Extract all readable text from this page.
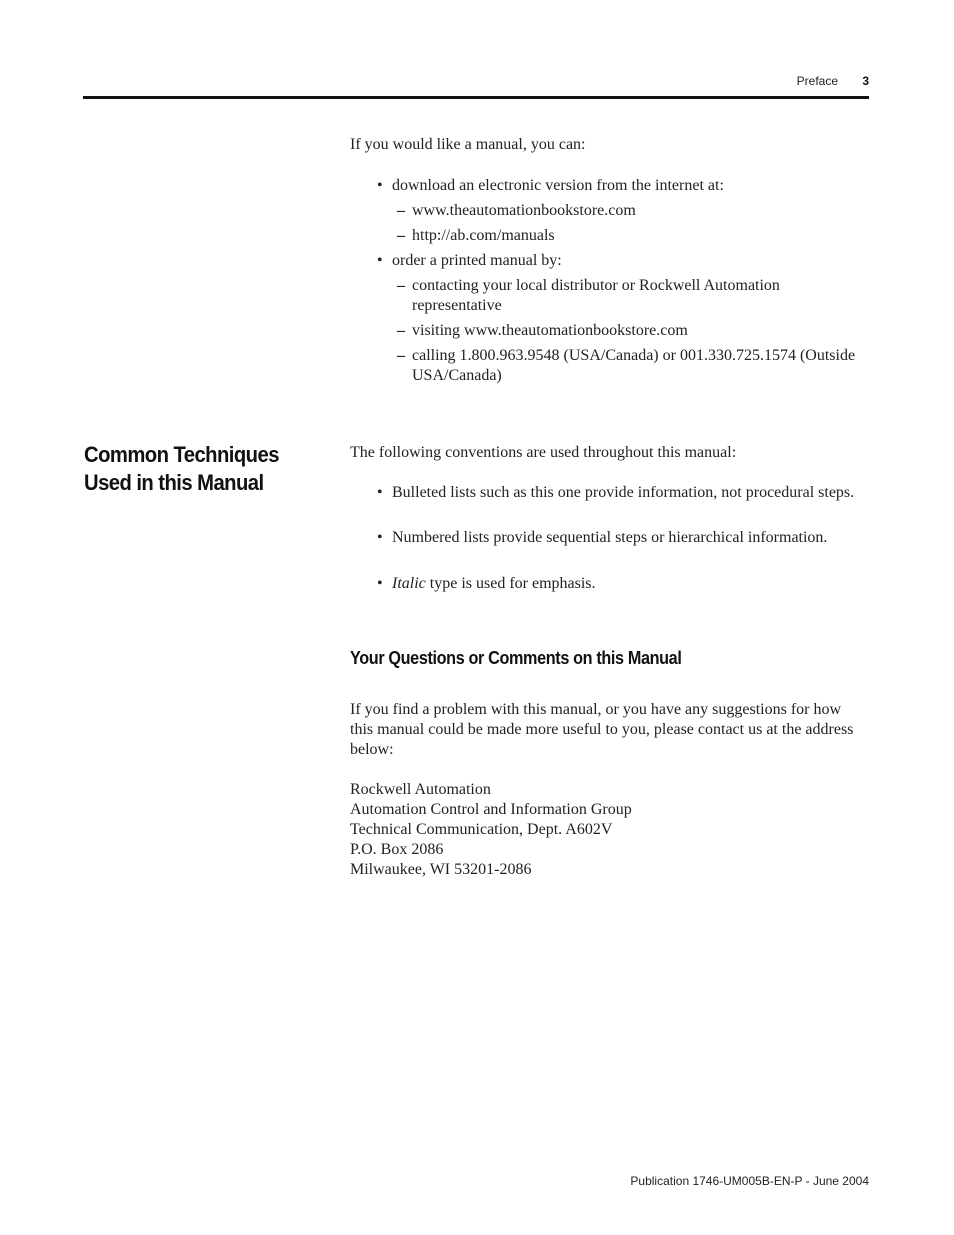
Preface 3

If you would like a manual, you can:

• download an electronic version from the internet at:
– www.theautomationbookstore.com
– http://ab.com/manuals
• order a printed manual by:
– contacting your local distributor or Rockwell Automation representative
– visiting www.theautomationbookstore.com
– calling 1.800.963.9548 (USA/Canada) or 001.330.725.1574 (Outside USA/Canada)
Common Techniques Used in this Manual

The following conventions are used throughout this manual:

• Bulleted lists such as this one provide information, not procedural steps.
• Numbered lists provide sequential steps or hierarchical information.
• Italic type is used for emphasis.
Your Questions or Comments on this Manual

If you find a problem with this manual, or you have any suggestions for how this manual could be made more useful to you, please contact us at the address below:

Rockwell Automation
Automation Control and Information Group
Technical Communication, Dept. A602V
P.O. Box 2086
Milwaukee, WI 53201-2086
Publication 1746-UM005B-EN-P - June 2004
